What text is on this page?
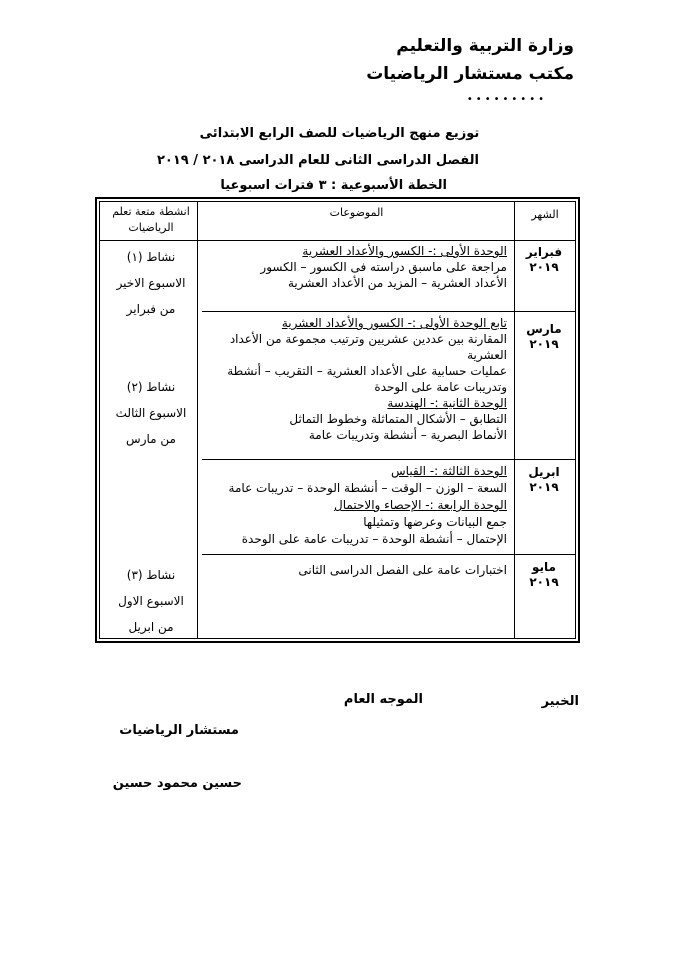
وزارة التربية والتعليم
مكتب مستشار الرياضيات
•••••••••
توزيع منهج الرياضيات للصف الرابع الابتدائى
الفصل الدراسى الثانى للعام الدراسى ٢٠١٨ / ٢٠١٩
الخطة الأسبوعية : ٣ فترات اسبوعيا
الشهر
الموضوعات
انشطة متعة تعلم
الرياضيات
فبراير
٢٠١٩
الوحدة الأولى :- الكسور والأعداد العشرية
مراجعة على ماسبق دراسته فى الكسور – الكسور
الأعداد العشرية – المزيد من الأعداد العشرية
مارس
٢٠١٩
تابع الوحدة الأولى :- الكسور والأعداد العشرية
المقارنة بين عددين عشريين وترتيب مجموعة من الأعداد
العشرية
عمليات حسابية على الأعداد العشرية – التقريب – أنشطة
وتدريبات عامة على الوحدة
الوحدة الثانية :- الهندسة
التطابق – الأشكال المتماثلة وخطوط التماثل
الأنماط البصرية – أنشطة وتدريبات عامة
ابريل
٢٠١٩
الوحدة الثالثة :- القياس
السعة – الوزن – الوقت – أنشطة الوحدة – تدريبات عامة
الوحدة الرابعة :- الإحصاء والاحتمال
جمع البيانات وعرضها وتمثيلها
الإحتمال – أنشطة الوحدة – تدريبات عامة على الوحدة
مايو
٢٠١٩
اختبارات عامة على الفصل الدراسى الثانى
نشاط (١)
الاسبوع الاخير
من فبراير
نشاط (٢)
الاسبوع الثالث
من مارس
نشاط (٣)
الاسبوع الاول
من ابريل
الخبير
الموجه العام
مستشار الرياضيات
حسين محمود حسين
